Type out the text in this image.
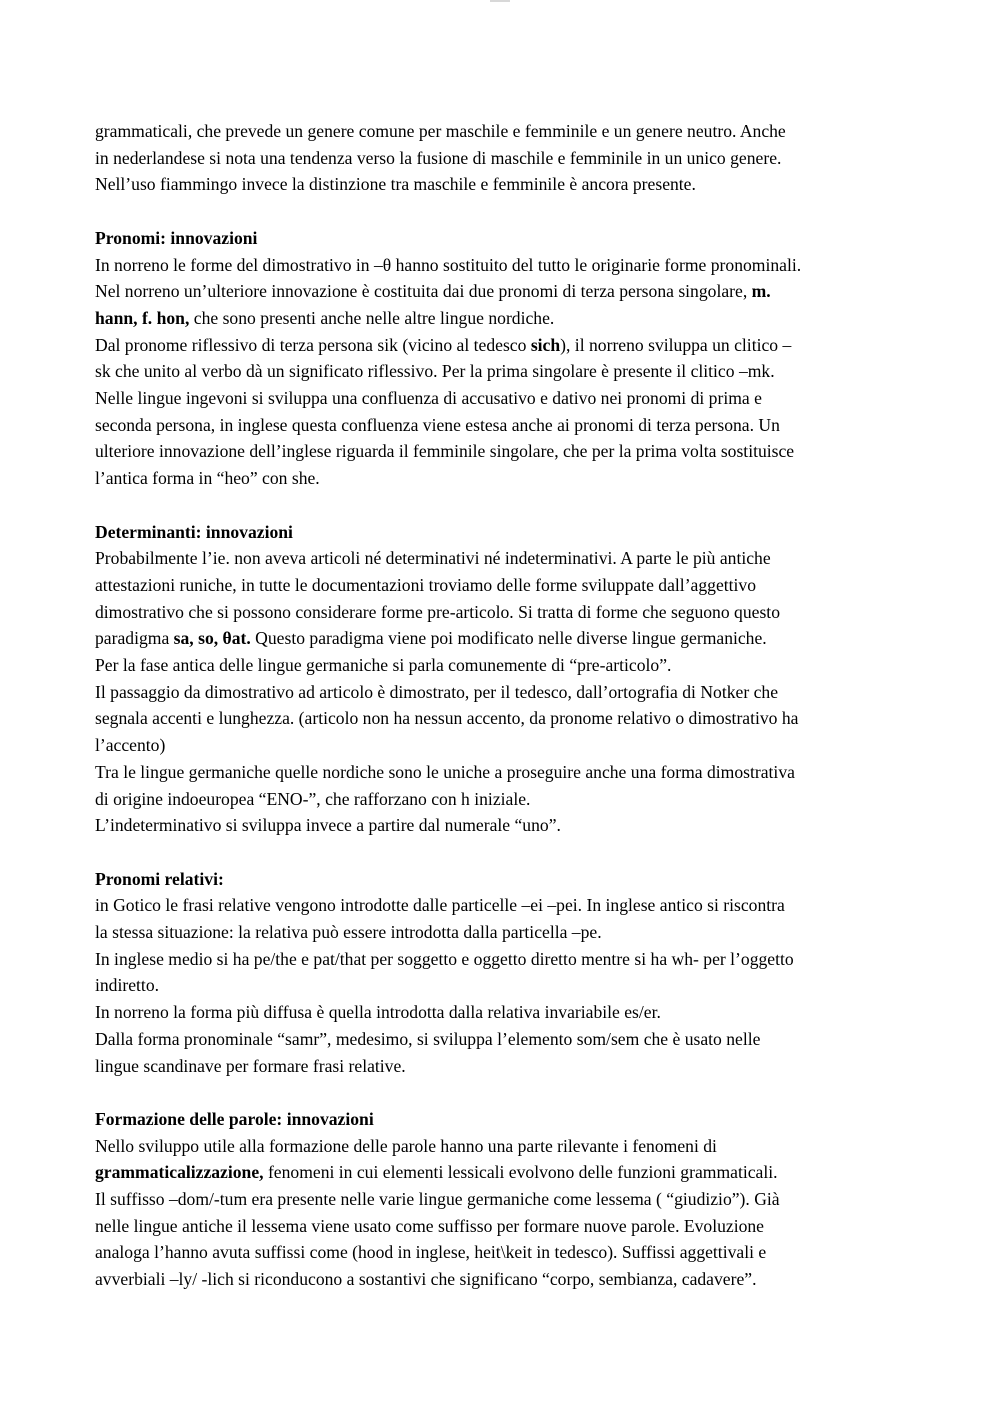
grammaticali, che prevede un genere comune per maschile e femminile e un genere neutro. Anche
in nederlandese si nota una tendenza verso la fusione di maschile e femminile in un unico genere.
Nell’uso fiammingo invece la distinzione tra maschile e femminile è ancora presente.
Pronomi: innovazioni
In norreno le forme del dimostrativo in –θ hanno sostituito del tutto le originarie forme pronominali.
Nel norreno un’ulteriore innovazione è costituita dai due pronomi di terza persona singolare, m.
hann, f. hon, che sono presenti anche nelle altre lingue nordiche.
Dal pronome riflessivo di terza persona sik (vicino al tedesco sich), il norreno sviluppa un clitico –
sk che unito al verbo dà un significato riflessivo. Per la prima singolare è presente il clitico –mk.
Nelle lingue ingevoni si sviluppa una confluenza di accusativo e dativo nei pronomi di prima e
seconda persona, in inglese questa confluenza viene estesa anche ai pronomi di terza persona. Un
ulteriore innovazione dell’inglese riguarda il femminile singolare, che per la prima volta sostituisce
l’antica forma in “heo” con she.
Determinanti: innovazioni
Probabilmente l’ie. non aveva articoli né determinativi né indeterminativi. A parte le più antiche
attestazioni runiche, in tutte le documentazioni troviamo delle forme sviluppate dall’aggettivo
dimostrativo che si possono considerare forme pre-articolo. Si tratta di forme che seguono questo
paradigma sa, so, θat. Questo paradigma viene poi modificato nelle diverse lingue germaniche.
Per la fase antica delle lingue germaniche si parla comunemente di “pre-articolo”.
Il passaggio da dimostrativo ad articolo è dimostrato, per il tedesco, dall’ortografia di Notker che
segnala accenti e lunghezza. (articolo non ha nessun accento, da pronome relativo o dimostrativo ha
l’accento)
Tra le lingue germaniche quelle nordiche sono le uniche a proseguire anche una forma dimostrativa
di origine indoeuropea “ENO-”, che rafforzano con h iniziale.
L’indeterminativo si sviluppa invece a partire dal numerale “uno”.
Pronomi relativi:
in Gotico le frasi relative vengono introdotte dalle particelle –ei –pei. In inglese antico si riscontra
la stessa situazione: la relativa può essere introdotta dalla particella –pe.
In inglese medio si ha pe/the e pat/that per soggetto e oggetto diretto mentre si ha wh- per l’oggetto
indiretto.
In norreno la forma più diffusa è quella introdotta dalla relativa invariabile es/er.
Dalla forma pronominale “samr”, medesimo, si sviluppa l’elemento som/sem che è usato nelle
lingue scandinave per formare frasi relative.
Formazione delle parole: innovazioni
Nello sviluppo utile alla formazione delle parole hanno una parte rilevante i fenomeni di
grammaticalizzazione, fenomeni in cui elementi lessicali evolvono delle funzioni grammaticali.
Il suffisso –dom/-tum era presente nelle varie lingue germaniche come lessema ( “giudizio”). Già
nelle lingue antiche il lessema viene usato come suffisso per formare nuove parole. Evoluzione
analoga l’hanno avuta suffissi come (hood in inglese, heit\keit in tedesco). Suffissi aggettivali e
avverbiali –ly/ -lich si riconducono a sostantivi che significano “corpo, sembianza, cadavere”.
